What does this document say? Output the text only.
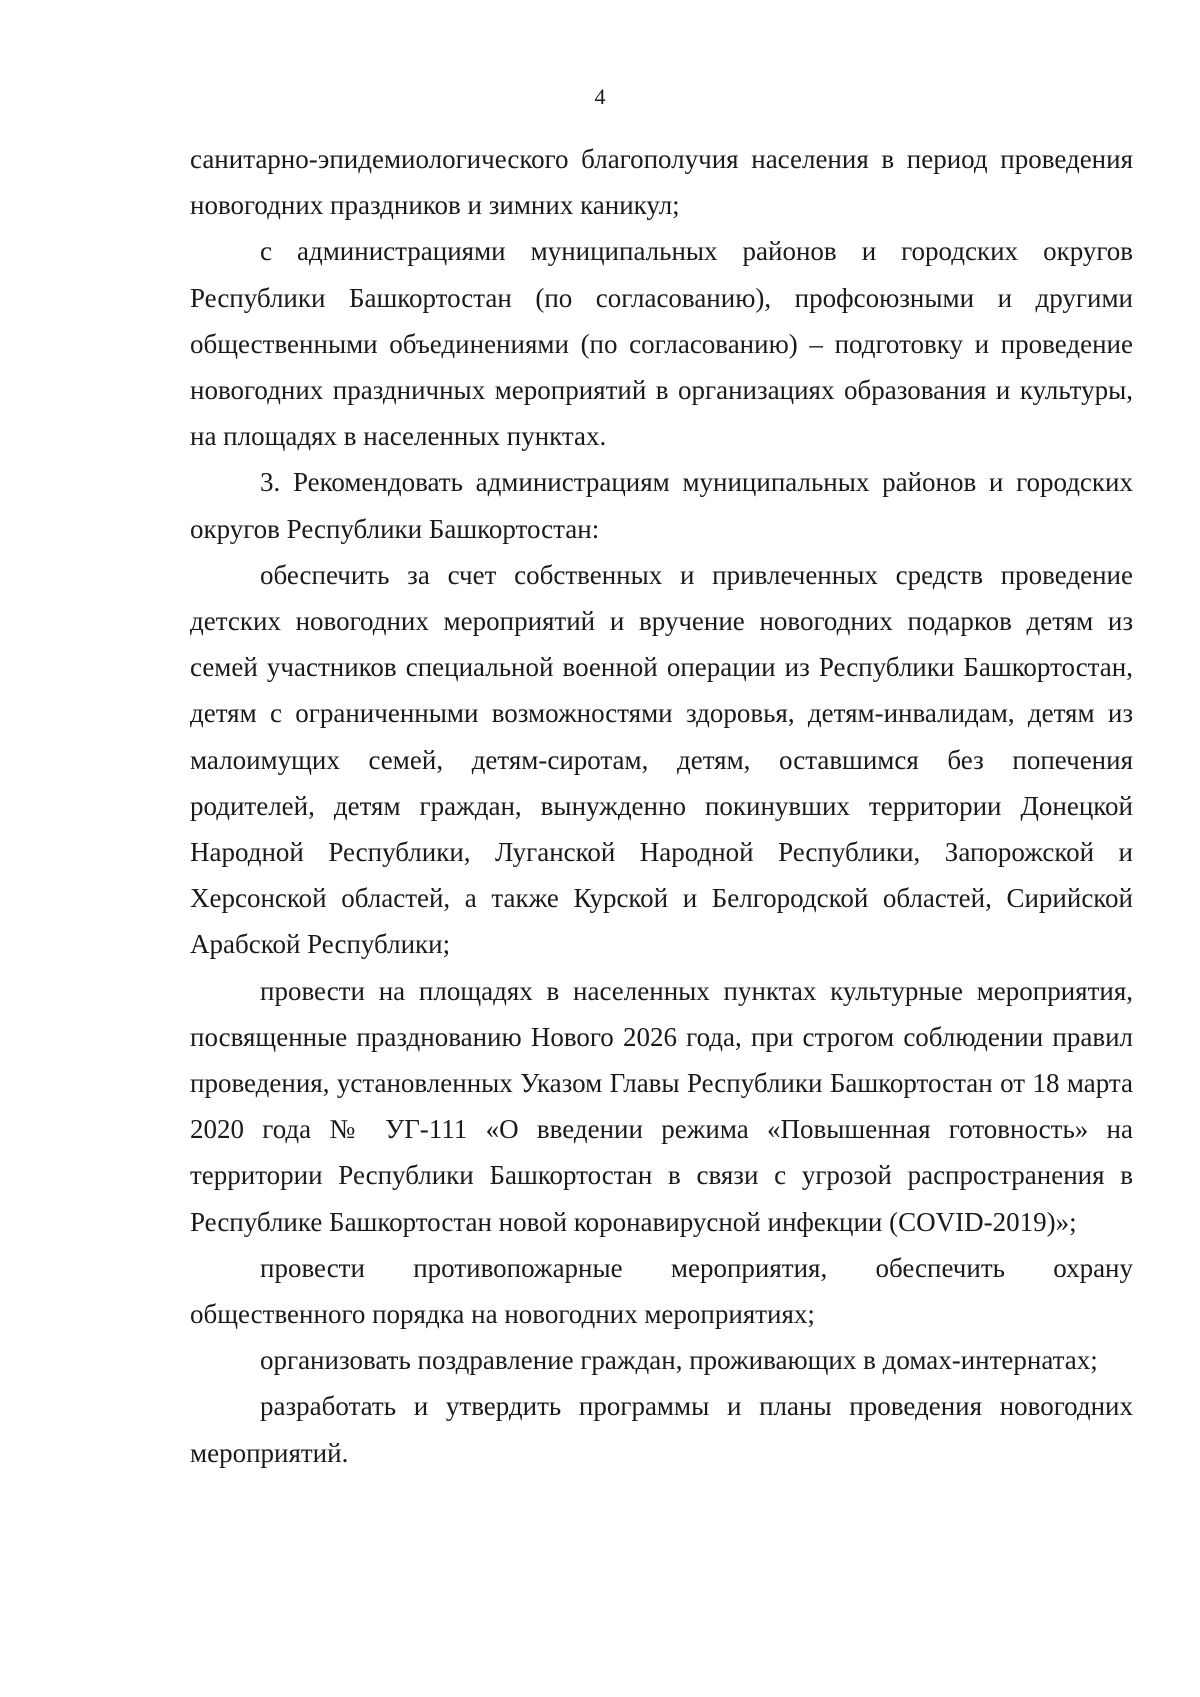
4

санитарно-эпидемиологического благополучия населения в период проведения новогодних праздников и зимних каникул;

с администрациями муниципальных районов и городских округов Республики Башкортостан (по согласованию), профсоюзными и другими общественными объединениями (по согласованию) – подготовку и проведение новогодних праздничных мероприятий в организациях образования и культуры, на площадях в населенных пунктах.

3. Рекомендовать администрациям муниципальных районов и городских округов Республики Башкортостан:

обеспечить за счет собственных и привлеченных средств проведение детских новогодних мероприятий и вручение новогодних подарков детям из семей участников специальной военной операции из Республики Башкортостан, детям с ограниченными возможностями здоровья, детям-инвалидам, детям из малоимущих семей, детям-сиротам, детям, оставшимся без попечения родителей, детям граждан, вынужденно покинувших территории Донецкой Народной Республики, Луганской Народной Республики, Запорожской и Херсонской областей, а также Курской и Белгородской областей, Сирийской Арабской Республики;

провести на площадях в населенных пунктах культурные мероприятия, посвященные празднованию Нового 2026 года, при строгом соблюдении правил проведения, установленных Указом Главы Республики Башкортостан от 18 марта 2020 года № УГ-111 «О введении режима «Повышенная готовность» на территории Республики Башкортостан в связи с угрозой распространения в Республике Башкортостан новой коронавирусной инфекции (COVID-2019)»;

провести противопожарные мероприятия, обеспечить охрану общественного порядка на новогодних мероприятиях;

организовать поздравление граждан, проживающих в домах-интернатах;

разработать и утвердить программы и планы проведения новогодних мероприятий.
